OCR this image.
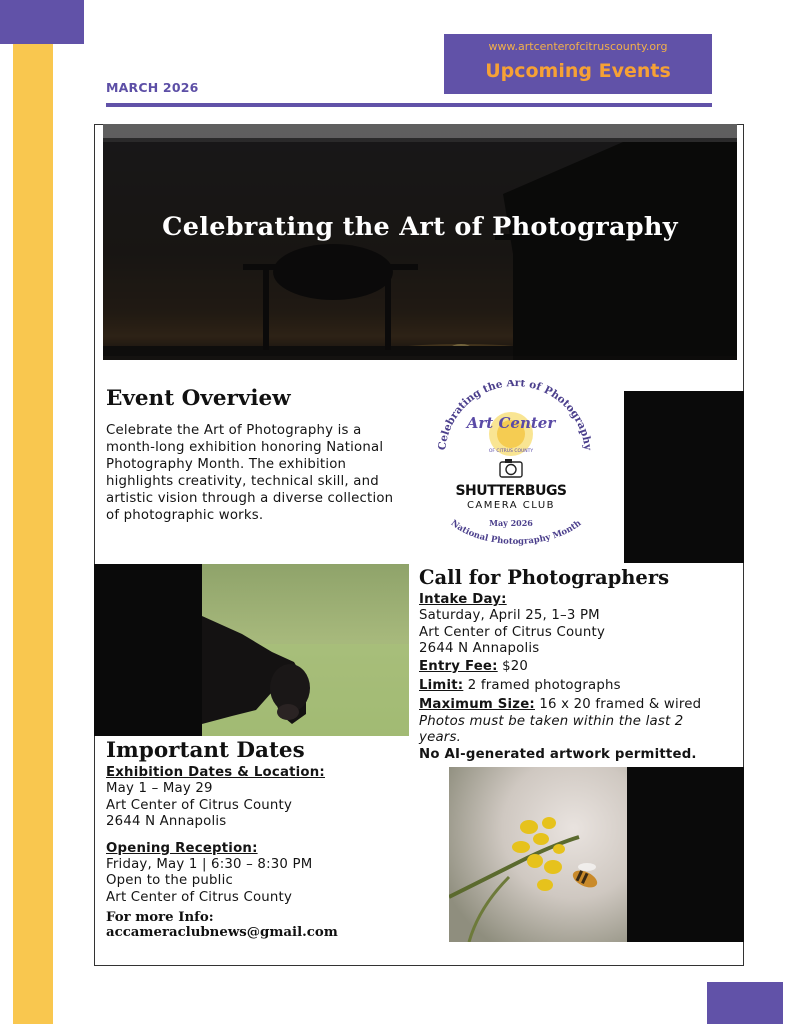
MARCH 2026
www.artcenterofcitruscounty.org
Upcoming Events
Celebrating the Art of Photography
Event Overview
Celebrate the Art of Photography is a month-long exhibition honoring National Photography Month. The exhibition highlights creativity, technical skill, and artistic vision through a diverse collection of photographic works.
Celebrating the Art of Photography
Art Center
OF CITRUS COUNTY
SHUTTERBUGS
CAMERA CLUB
May 2026
National Photography Month
Call for Photographers
Intake Day:
Saturday, April 25, 1–3 PM
Art Center of Citrus County
2644 N Annapolis
Entry Fee: $20
Limit: 2 framed photographs
Maximum Size: 16 x 20 framed & wired
Photos must be taken within the last 2 years.
No AI-generated artwork permitted.
Important Dates
Exhibition Dates & Location:
May 1 – May 29
Art Center of Citrus County
2644 N Annapolis
Opening Reception:
Friday, May 1 | 6:30 – 8:30 PM
Open to the public
Art Center of Citrus County
For more Info:
accameraclubnews@gmail.com
